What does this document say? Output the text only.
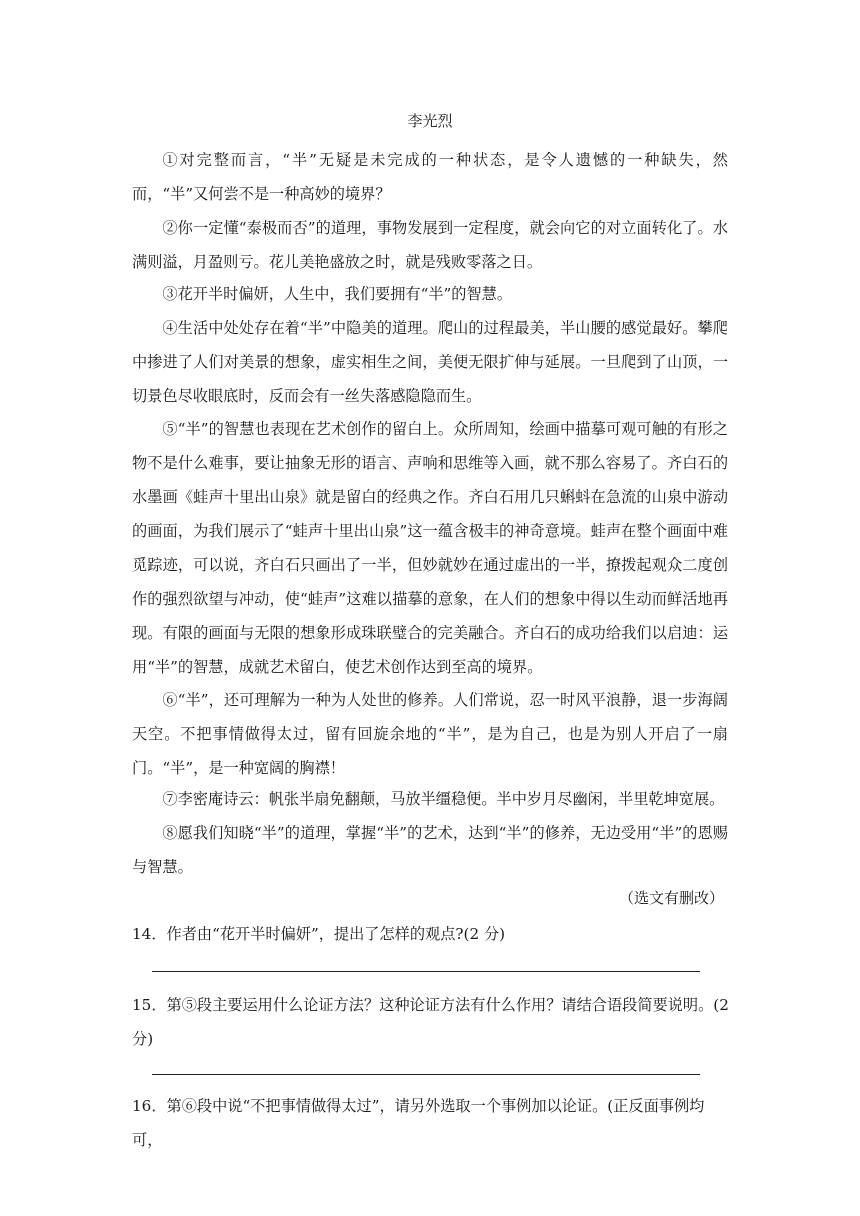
李光烈

①对完整而言，“半”无疑是未完成的一种状态，是令人遗憾的一种缺失，然而，“半”又何尝不是一种高妙的境界？

②你一定懂“泰极而否”的道理，事物发展到一定程度，就会向它的对立面转化了。水满则溢，月盈则亏。花儿美艳盛放之时，就是残败零落之日。

③花开半时偏妍，人生中，我们要拥有“半”的智慧。

④生活中处处存在着“半”中隐美的道理。爬山的过程最美，半山腰的感觉最好。攀爬中掺进了人们对美景的想象，虚实相生之间，美便无限扩伸与延展。一旦爬到了山顶，一切景色尽收眼底时，反而会有一丝失落感隐隐而生。

⑤“半”的智慧也表现在艺术创作的留白上。众所周知，绘画中描摹可观可触的有形之物不是什么难事，要让抽象无形的语言、声响和思维等入画，就不那么容易了。齐白石的水墨画《蛙声十里出山泉》就是留白的经典之作。齐白石用几只蝌蚪在急流的山泉中游动的画面，为我们展示了“蛙声十里出山泉”这一蕴含极丰的神奇意境。蛙声在整个画面中难觅踪迹，可以说，齐白石只画出了一半，但妙就妙在通过虚出的一半，撩拨起观众二度创作的强烈欲望与冲动，使“蛙声”这难以描摹的意象，在人们的想象中得以生动而鲜活地再现。有限的画面与无限的想象形成珠联璧合的完美融合。齐白石的成功给我们以启迪：运用“半”的智慧，成就艺术留白，使艺术创作达到至高的境界。

⑥“半”，还可理解为一种为人处世的修养。人们常说，忍一时风平浪静，退一步海阔天空。不把事情做得太过，留有回旋余地的“半”，是为自己，也是为别人开启了一扇门。“半”，是一种宽阔的胸襟！

⑦李密庵诗云：帆张半扇免翻颠，马放半缰稳便。半中岁月尽幽闲，半里乾坤宽展。

⑧愿我们知晓“半”的道理，掌握“半”的艺术，达到“半”的修养，无边受用“半”的恩赐与智慧。

（选文有删改）

14．作者由“花开半时偏妍”，提出了怎样的观点?(2 分)

15．第⑤段主要运用什么论证方法？这种论证方法有什么作用？请结合语段简要说明。(2 分)

16．第⑥段中说“不把事情做得太过”，请另外选取一个事例加以论证。(正反面事例均可，
